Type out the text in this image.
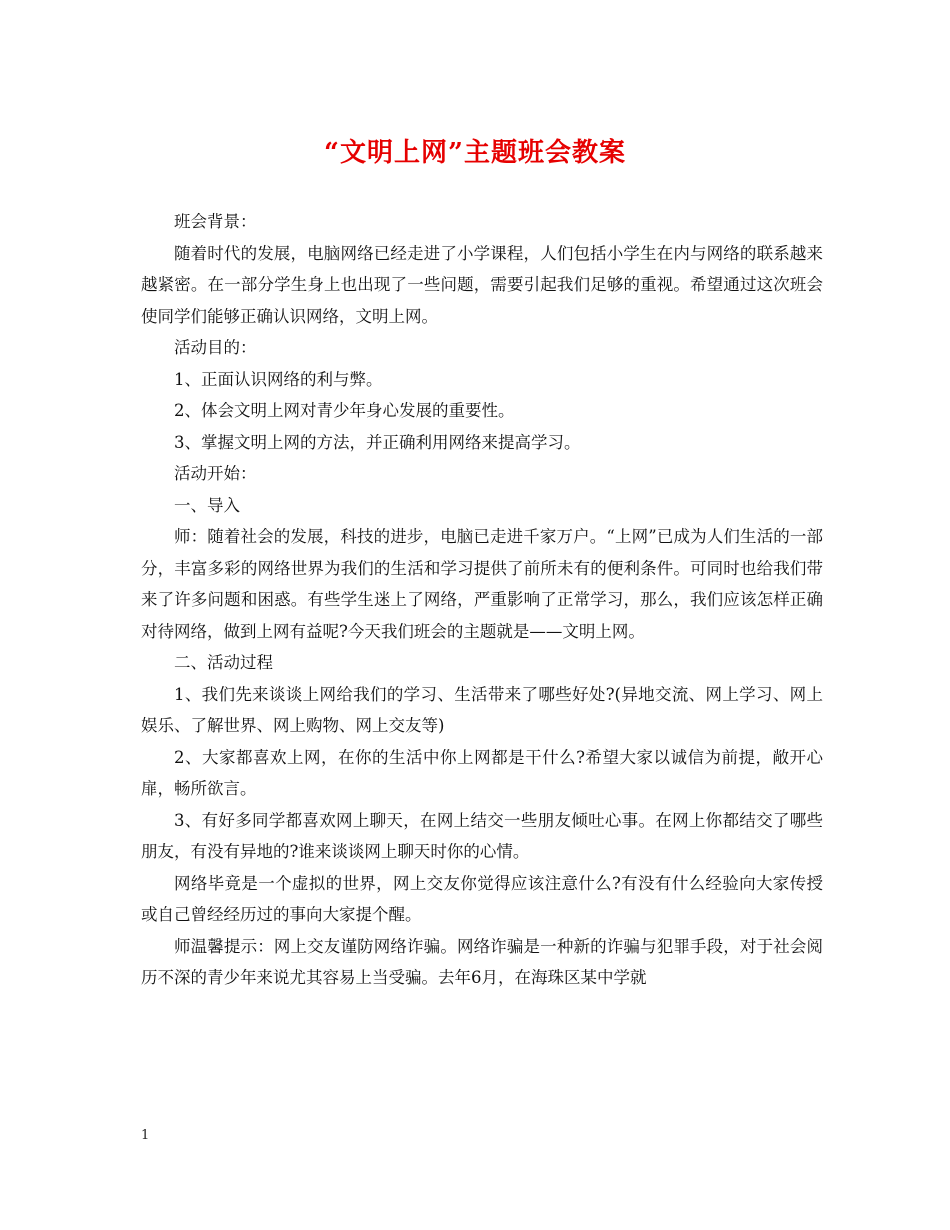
“文明上网”主题班会教案

班会背景：

随着时代的发展，电脑网络已经走进了小学课程，人们包括小学生在内与网络的联系越来越紧密。在一部分学生身上也出现了一些问题，需要引起我们足够的重视。希望通过这次班会使同学们能够正确认识网络，文明上网。

活动目的：

1、正面认识网络的利与弊。

2、体会文明上网对青少年身心发展的重要性。

3、掌握文明上网的方法，并正确利用网络来提高学习。

活动开始：

一、导入

师：随着社会的发展，科技的进步，电脑已走进千家万户。“上网”已成为人们生活的一部分，丰富多彩的网络世界为我们的生活和学习提供了前所未有的便利条件。可同时也给我们带来了许多问题和困惑。有些学生迷上了网络，严重影响了正常学习，那么，我们应该怎样正确对待网络，做到上网有益呢?今天我们班会的主题就是——文明上网。

二、活动过程

1、我们先来谈谈上网给我们的学习、生活带来了哪些好处?(异地交流、网上学习、网上娱乐、了解世界、网上购物、网上交友等)

2、大家都喜欢上网，在你的生活中你上网都是干什么?希望大家以诚信为前提，敞开心扉，畅所欲言。

3、有好多同学都喜欢网上聊天，在网上结交一些朋友倾吐心事。在网上你都结交了哪些朋友，有没有异地的?谁来谈谈网上聊天时你的心情。

网络毕竟是一个虚拟的世界，网上交友你觉得应该注意什么?有没有什么经验向大家传授或自己曾经经历过的事向大家提个醒。

师温馨提示：网上交友谨防网络诈骗。网络诈骗是一种新的诈骗与犯罪手段，对于社会阅历不深的青少年来说尤其容易上当受骗。去年6月，在海珠区某中学就

1
